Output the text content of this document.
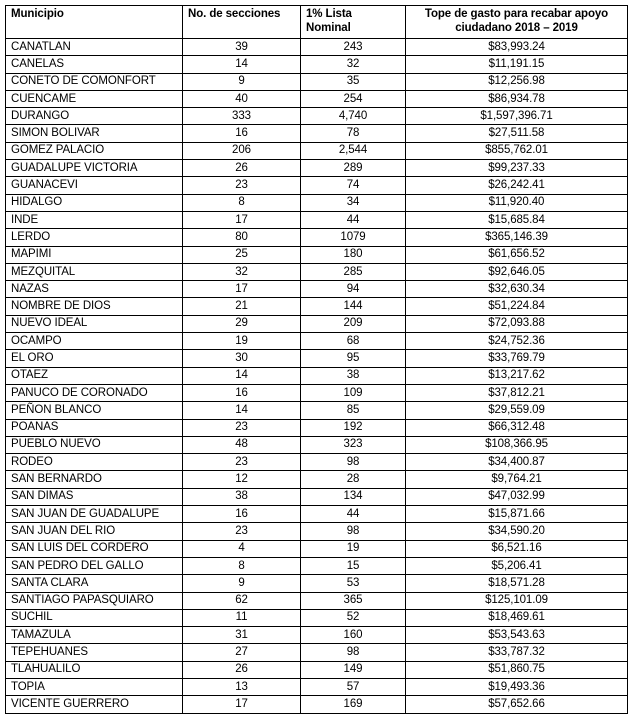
Municipio	No. de secciones	1% Lista Nominal	Tope de gasto para recabar apoyo ciudadano 2018 – 2019

CANATLAN	39	243	$83,993.24
CANELAS	14	32	$11,191.15
CONETO DE COMONFORT	9	35	$12,256.98
CUENCAME	40	254	$86,934.78
DURANGO	333	4,740	$1,597,396.71
SIMON BOLIVAR	16	78	$27,511.58
GOMEZ PALACIO	206	2,544	$855,762.01
GUADALUPE VICTORIA	26	289	$99,237.33
GUANACEVI	23	74	$26,242.41
HIDALGO	8	34	$11,920.40
INDE	17	44	$15,685.84
LERDO	80	1079	$365,146.39
MAPIMI	25	180	$61,656.52
MEZQUITAL	32	285	$92,646.05
NAZAS	17	94	$32,630.34
NOMBRE DE DIOS	21	144	$51,224.84
NUEVO IDEAL	29	209	$72,093.88
OCAMPO	19	68	$24,752.36
EL ORO	30	95	$33,769.79
OTAEZ	14	38	$13,217.62
PANUCO DE CORONADO	16	109	$37,812.21
PEÑON BLANCO	14	85	$29,559.09
POANAS	23	192	$66,312.48
PUEBLO NUEVO	48	323	$108,366.95
RODEO	23	98	$34,400.87
SAN BERNARDO	12	28	$9,764.21
SAN DIMAS	38	134	$47,032.99
SAN JUAN DE GUADALUPE	16	44	$15,871.66
SAN JUAN DEL RIO	23	98	$34,590.20
SAN LUIS DEL CORDERO	4	19	$6,521.16
SAN PEDRO DEL GALLO	8	15	$5,206.41
SANTA CLARA	9	53	$18,571.28
SANTIAGO PAPASQUIARO	62	365	$125,101.09
SUCHIL	11	52	$18,469.61
TAMAZULA	31	160	$53,543.63
TEPEHUANES	27	98	$33,787.32
TLAHUALILO	26	149	$51,860.75
TOPIA	13	57	$19,493.36
VICENTE GUERRERO	17	169	$57,652.66
